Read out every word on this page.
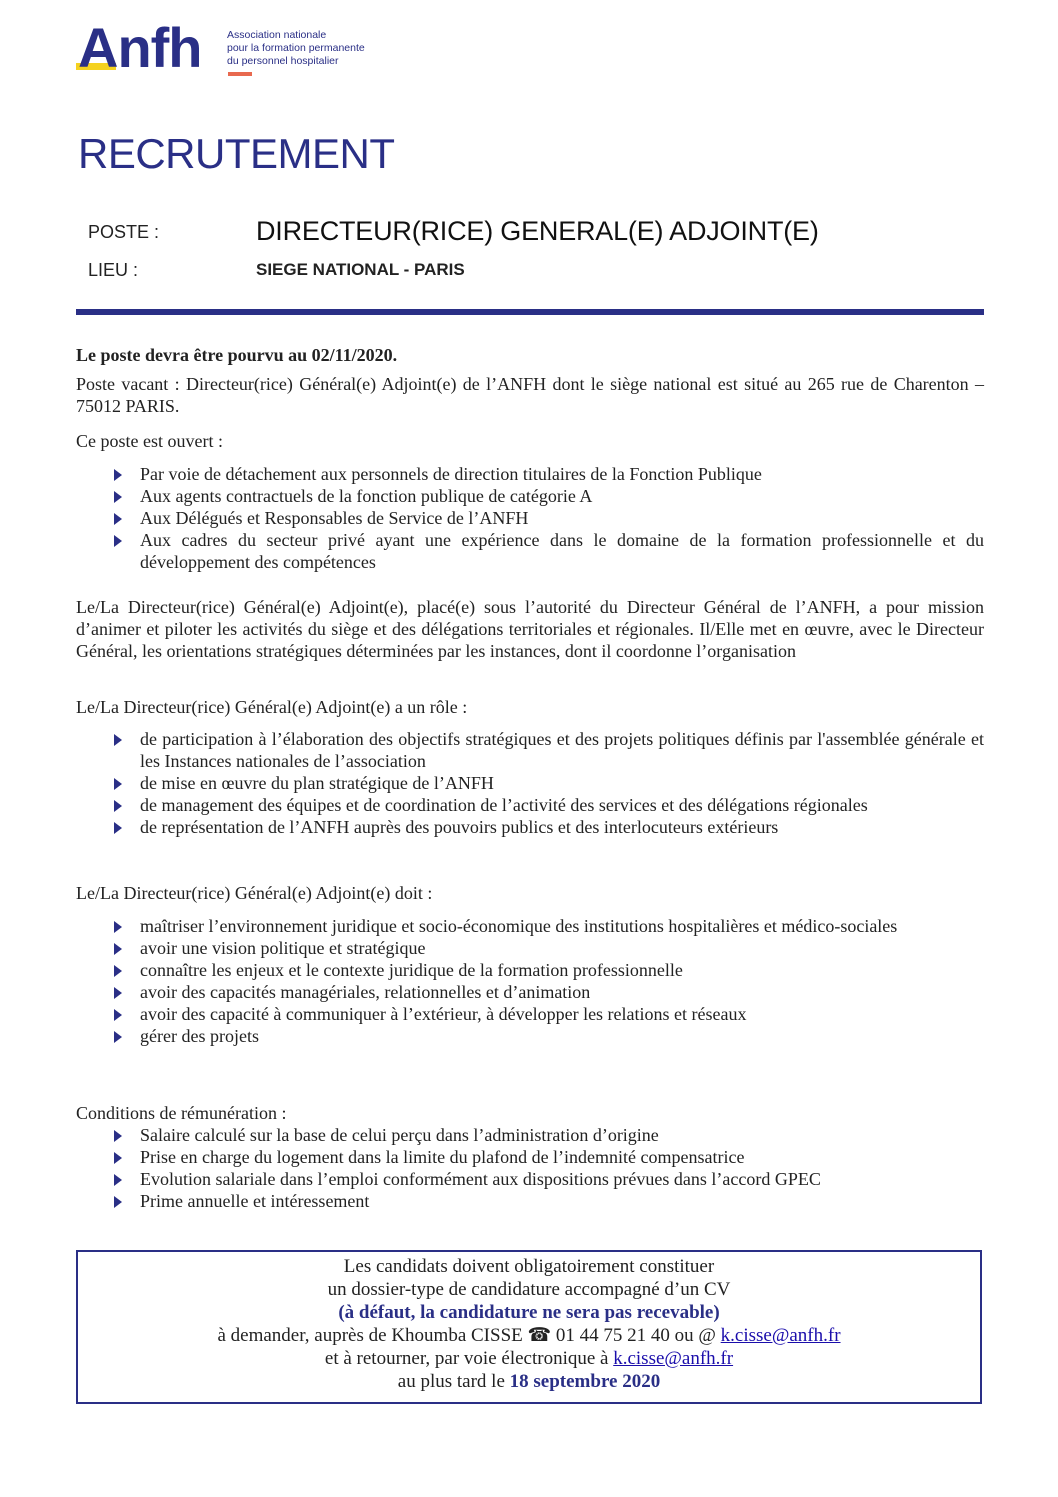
Anfh Association nationale
pour la formation permanente
du personnel hospitalier
RECRUTEMENT
POSTE :	DIRECTEUR(RICE) GENERAL(E) ADJOINT(E)
LIEU :	SIEGE NATIONAL - PARIS
Le poste devra être pourvu au 02/11/2020.
Poste vacant : Directeur(rice) Général(e) Adjoint(e) de l’ANFH dont le siège national est situé au 265 rue de Charenton – 75012 PARIS.
Ce poste est ouvert :
Par voie de détachement aux personnels de direction titulaires de la Fonction Publique
Aux agents contractuels de la fonction publique de catégorie A
Aux Délégués et Responsables de Service de l’ANFH
Aux cadres du secteur privé ayant une expérience dans le domaine de la formation professionnelle et du développement des compétences
Le/La Directeur(rice) Général(e) Adjoint(e), placé(e) sous l’autorité du Directeur Général de l’ANFH, a pour mission d’animer et piloter les activités du siège et des délégations territoriales et régionales. Il/Elle met en œuvre, avec le Directeur Général, les orientations stratégiques déterminées par les instances, dont il coordonne l’organisation
Le/La Directeur(rice) Général(e) Adjoint(e) a un rôle :
de participation à l’élaboration des objectifs stratégiques et des projets politiques définis par l'assemblée générale et les Instances nationales de l’association
de mise en œuvre du plan stratégique de l’ANFH
de management des équipes et de coordination de l’activité des services et des délégations régionales
de représentation de l’ANFH auprès des pouvoirs publics et des interlocuteurs extérieurs
Le/La Directeur(rice) Général(e) Adjoint(e) doit :
maîtriser l’environnement juridique et socio-économique des institutions hospitalières et médico-sociales
avoir une vision politique et stratégique
connaître les enjeux et le contexte juridique de la formation professionnelle
avoir des capacités managériales, relationnelles et d’animation
avoir des capacité à communiquer à l’extérieur, à développer les relations et réseaux
gérer des projets
Conditions de rémunération :
Salaire calculé sur la base de celui perçu dans l’administration d’origine
Prise en charge du logement dans la limite du plafond de l’indemnité compensatrice
Evolution salariale dans l’emploi conformément aux dispositions prévues dans l’accord GPEC
Prime annuelle et intéressement
Les candidats doivent obligatoirement constituer
un dossier-type de candidature accompagné d’un CV
(à défaut, la candidature ne sera pas recevable)
à demander, auprès de Khoumba CISSE ☎ 01 44 75 21 40 ou @ k.cisse@anfh.fr
et à retourner, par voie électronique à k.cisse@anfh.fr
au plus tard le 18 septembre 2020
